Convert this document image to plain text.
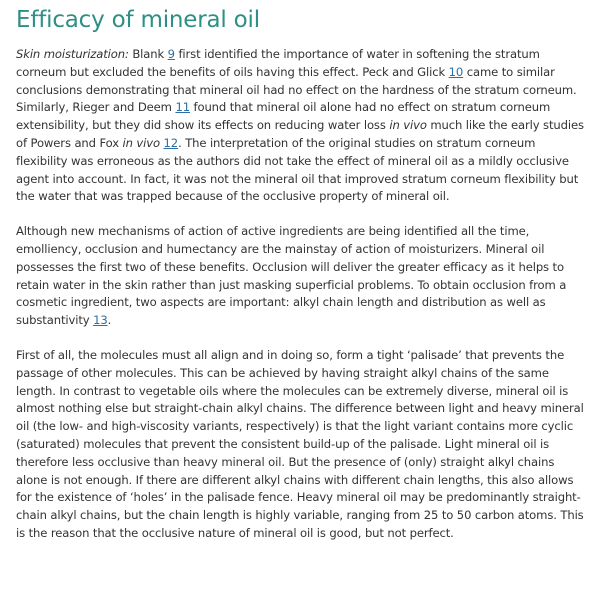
Efficacy of mineral oil

Skin moisturization: Blank 9 first identified the importance of water in softening the stratum corneum but excluded the benefits of oils having this effect. Peck and Glick 10 came to similar conclusions demonstrating that mineral oil had no effect on the hardness of the stratum corneum. Similarly, Rieger and Deem 11 found that mineral oil alone had no effect on stratum corneum extensibility, but they did show its effects on reducing water loss in vivo much like the early studies of Powers and Fox in vivo 12. The interpretation of the original studies on stratum corneum flexibility was erroneous as the authors did not take the effect of mineral oil as a mildly occlusive agent into account. In fact, it was not the mineral oil that improved stratum corneum flexibility but the water that was trapped because of the occlusive property of mineral oil.

Although new mechanisms of action of active ingredients are being identified all the time, emolliency, occlusion and humectancy are the mainstay of action of moisturizers. Mineral oil possesses the first two of these benefits. Occlusion will deliver the greater efficacy as it helps to retain water in the skin rather than just masking superficial problems. To obtain occlusion from a cosmetic ingredient, two aspects are important: alkyl chain length and distribution as well as substantivity 13.

First of all, the molecules must all align and in doing so, form a tight ‘palisade’ that prevents the passage of other molecules. This can be achieved by having straight alkyl chains of the same length. In contrast to vegetable oils where the molecules can be extremely diverse, mineral oil is almost nothing else but straight-chain alkyl chains. The difference between light and heavy mineral oil (the low- and high-viscosity variants, respectively) is that the light variant contains more cyclic (saturated) molecules that prevent the consistent build-up of the palisade. Light mineral oil is therefore less occlusive than heavy mineral oil. But the presence of (only) straight alkyl chains alone is not enough. If there are different alkyl chains with different chain lengths, this also allows for the existence of ‘holes’ in the palisade fence. Heavy mineral oil may be predominantly straight-chain alkyl chains, but the chain length is highly variable, ranging from 25 to 50 carbon atoms. This is the reason that the occlusive nature of mineral oil is good, but not perfect.
